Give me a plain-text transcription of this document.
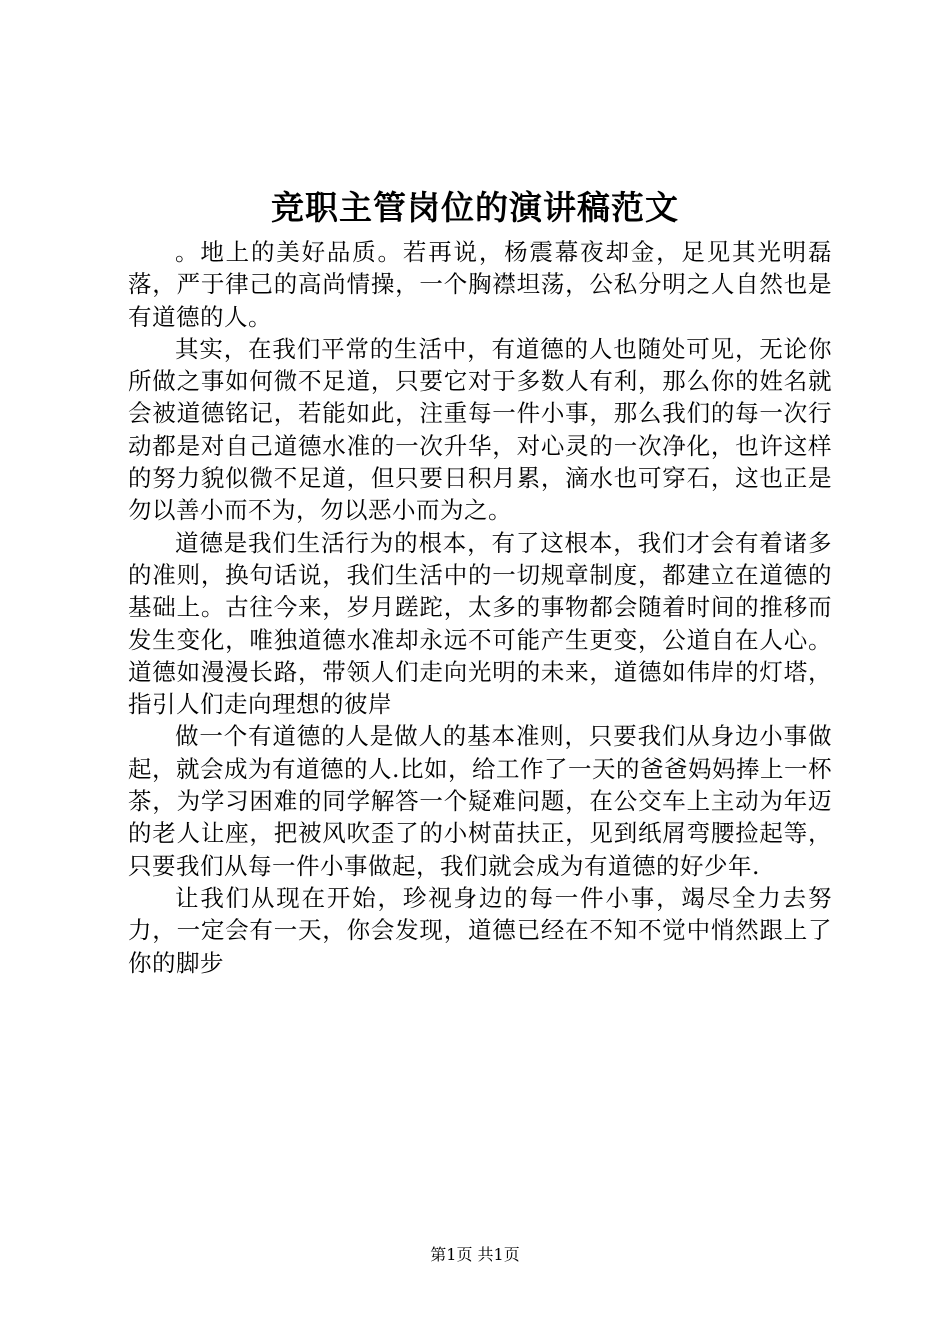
竞职主管岗位的演讲稿范文

。地上的美好品质。若再说，杨震幕夜却金，足见其光明磊落，严于律己的高尚情操，一个胸襟坦荡，公私分明之人自然也是有道德的人。

其实，在我们平常的生活中，有道德的人也随处可见，无论你所做之事如何微不足道，只要它对于多数人有利，那么你的姓名就会被道德铭记，若能如此，注重每一件小事，那么我们的每一次行动都是对自己道德水准的一次升华，对心灵的一次净化，也许这样的努力貌似微不足道，但只要日积月累，滴水也可穿石，这也正是勿以善小而不为，勿以恶小而为之。

道德是我们生活行为的根本，有了这根本，我们才会有着诸多的准则，换句话说，我们生活中的一切规章制度，都建立在道德的基础上。古往今来，岁月蹉跎，太多的事物都会随着时间的推移而发生变化，唯独道德水准却永远不可能产生更变，公道自在人心。道德如漫漫长路，带领人们走向光明的未来，道德如伟岸的灯塔，指引人们走向理想的彼岸

做一个有道德的人是做人的基本准则，只要我们从身边小事做起，就会成为有道德的人.比如，给工作了一天的爸爸妈妈捧上一杯茶，为学习困难的同学解答一个疑难问题，在公交车上主动为年迈的老人让座，把被风吹歪了的小树苗扶正，见到纸屑弯腰捡起等，只要我们从每一件小事做起，我们就会成为有道德的好少年.

让我们从现在开始，珍视身边的每一件小事，竭尽全力去努力，一定会有一天，你会发现，道德已经在不知不觉中悄然跟上了你的脚步

第1页 共1页
